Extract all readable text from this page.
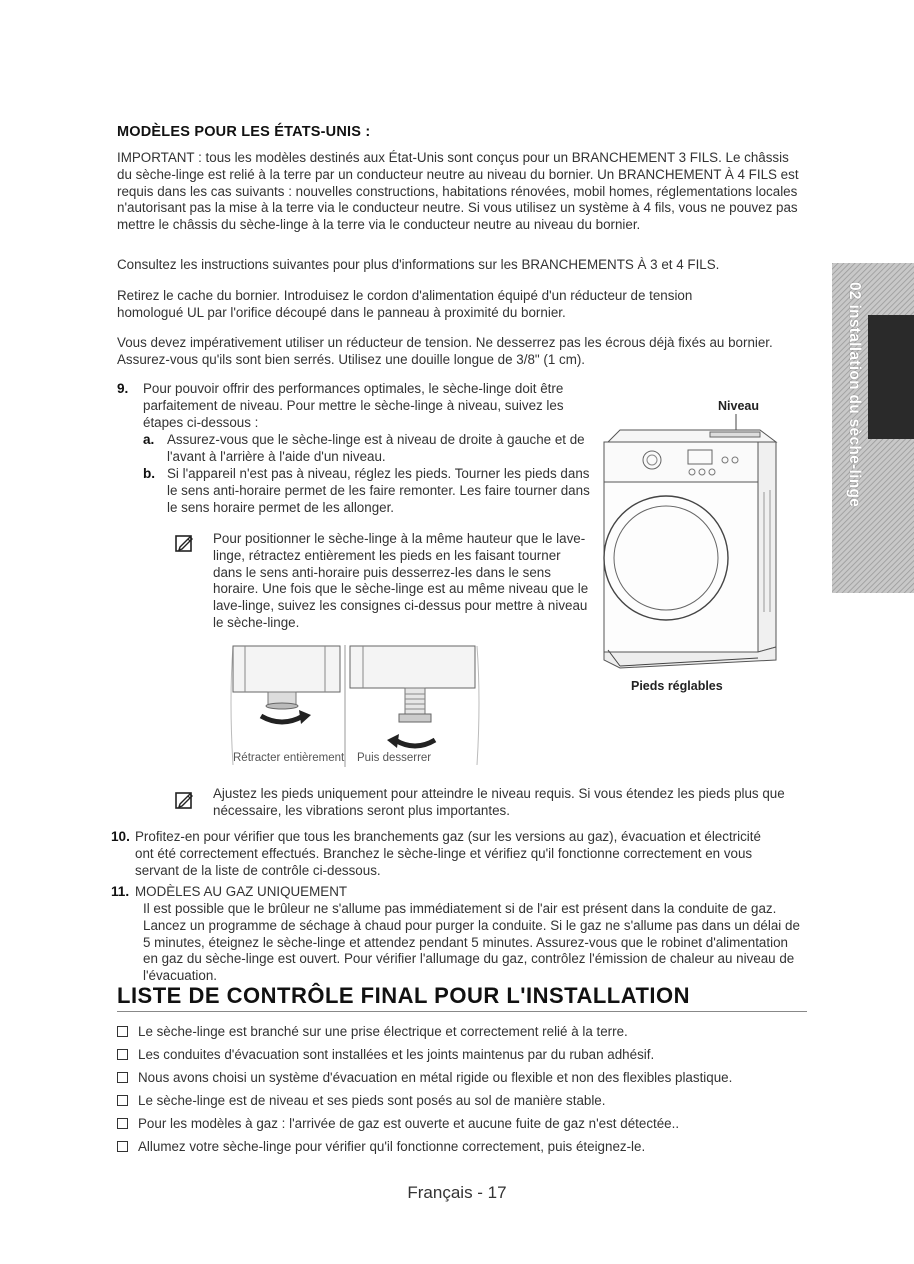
MODÈLES POUR LES ÉTATS-UNIS :
IMPORTANT : tous les modèles destinés aux État-Unis sont conçus pour un BRANCHEMENT 3 FILS. Le châssis du sèche-linge est relié à la terre par un conducteur neutre au niveau du bornier. Un BRANCHEMENT À 4 FILS est requis dans les cas suivants : nouvelles constructions, habitations rénovées, mobil homes, réglementations locales n'autorisant pas la mise à la terre via le conducteur neutre. Si vous utilisez un système à 4 fils, vous ne pouvez pas mettre le châssis du sèche-linge à la terre via le conducteur neutre au niveau du bornier.
Consultez les instructions suivantes pour plus d'informations sur les BRANCHEMENTS À 3 et 4 FILS.
Retirez le cache du bornier. Introduisez le cordon d'alimentation équipé d'un réducteur de tension homologué UL par l'orifice découpé dans le panneau à proximité du bornier.
Vous devez impérativement utiliser un réducteur de tension. Ne desserrez pas les écrous déjà fixés au bornier. Assurez-vous qu'ils sont bien serrés. Utilisez une douille longue de 3/8" (1 cm).
9. Pour pouvoir offrir des performances optimales, le sèche-linge doit être parfaitement de niveau. Pour mettre le sèche-linge à niveau, suivez les étapes ci-dessous :
a. Assurez-vous que le sèche-linge est à niveau de droite à gauche et de l'avant à l'arrière à l'aide d'un niveau.
b. Si l'appareil n'est pas à niveau, réglez les pieds. Tourner les pieds dans le sens anti-horaire permet de les faire remonter. Les faire tourner dans le sens horaire permet de les allonger.
Pour positionner le sèche-linge à la même hauteur que le lave-linge, rétractez entièrement les pieds en les faisant tourner dans le sens anti-horaire puis desserrez-les dans le sens horaire. Une fois que le sèche-linge est au même niveau que le lave-linge, suivez les consignes ci-dessus pour mettre à niveau le sèche-linge.
Rétracter entièrement Puis desserrer
Niveau
Pieds réglables
Ajustez les pieds uniquement pour atteindre le niveau requis. Si vous étendez les pieds plus que nécessaire, les vibrations seront plus importantes.
10. Profitez-en pour vérifier que tous les branchements gaz (sur les versions au gaz), évacuation et électricité ont été correctement effectués. Branchez le sèche-linge et vérifiez qu'il fonctionne correctement en vous servant de la liste de contrôle ci-dessous.
11. MODÈLES AU GAZ UNIQUEMENT
Il est possible que le brûleur ne s'allume pas immédiatement si de l'air est présent dans la conduite de gaz. Lancez un programme de séchage à chaud pour purger la conduite. Si le gaz ne s'allume pas dans un délai de 5 minutes, éteignez le sèche-linge et attendez pendant 5 minutes. Assurez-vous que le robinet d'alimentation en gaz du sèche-linge est ouvert. Pour vérifier l'allumage du gaz, contrôlez l'émission de chaleur au niveau de l'évacuation.
LISTE DE CONTRÔLE FINAL POUR L'INSTALLATION
Le sèche-linge est branché sur une prise électrique et correctement relié à la terre.
Les conduites d'évacuation sont installées et les joints maintenus par du ruban adhésif.
Nous avons choisi un système d'évacuation en métal rigide ou flexible et non des flexibles plastique.
Le sèche-linge est de niveau et ses pieds sont posés au sol de manière stable.
Pour les modèles à gaz : l'arrivée de gaz est ouverte et aucune fuite de gaz n'est détectée..
Allumez votre sèche-linge pour vérifier qu'il fonctionne correctement, puis éteignez-le.
02 installation du sèche-linge
Français - 17
